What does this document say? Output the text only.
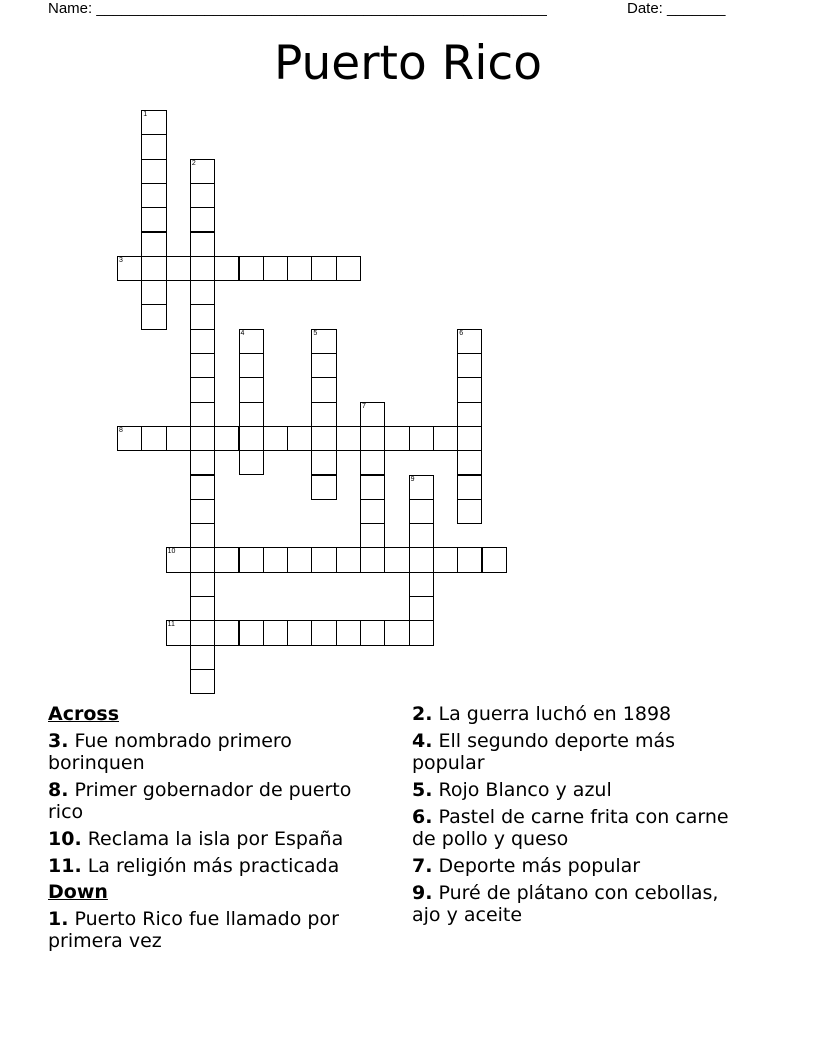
Name: ______________________________________________________	Date: _______
Puerto Rico
1
2
3
4	5	6
7
8
9
10
11
Across
3. Fue nombrado primero borinquen
8. Primer gobernador de puerto rico
10. Reclama la isla por España
11. La religión más practicada
Down
1. Puerto Rico fue llamado por primera vez
2. La guerra luchó en 1898
4. Ell segundo deporte más popular
5. Rojo Blanco y azul
6. Pastel de carne frita con carne de pollo y queso
7. Deporte más popular
9. Puré de plátano con cebollas, ajo y aceite
